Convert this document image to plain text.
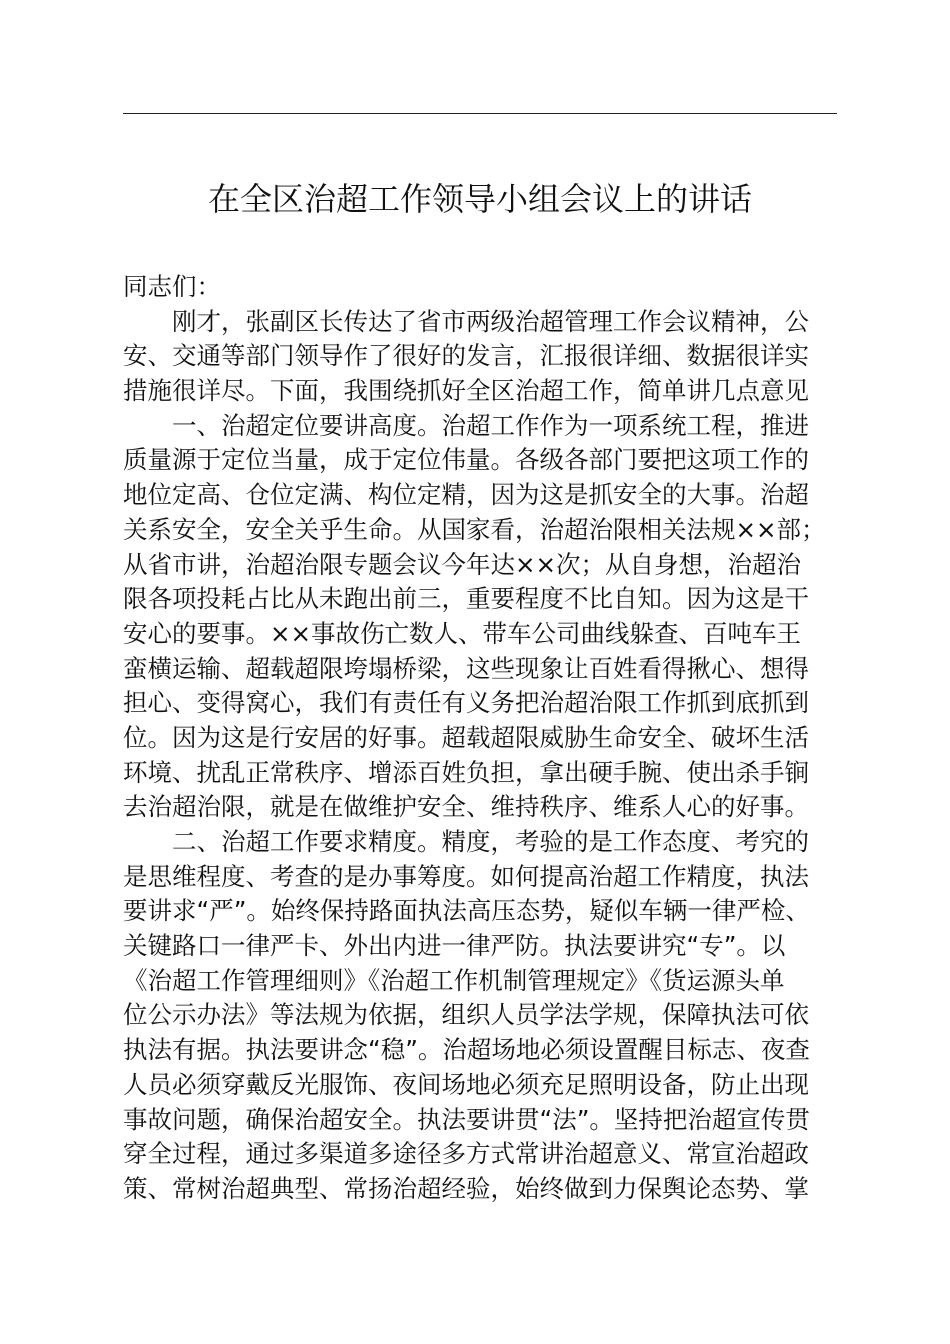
在全区治超工作领导小组会议上的讲话
同志们：
刚才，张副区长传达了省市两级治超管理工作会议精神，公
安、交通等部门领导作了很好的发言，汇报很详细、数据很详实
措施很详尽。下面，我围绕抓好全区治超工作，简单讲几点意见
一、治超定位要讲高度。治超工作作为一项系统工程，推进
质量源于定位当量，成于定位伟量。各级各部门要把这项工作的
地位定高、仓位定满、构位定精，因为这是抓安全的大事。治超
关系安全，安全关乎生命。从国家看，治超治限相关法规××部；
从省市讲，治超治限专题会议今年达××次；从自身想，治超治
限各项投耗占比从未跑出前三，重要程度不比自知。因为这是干
安心的要事。××事故伤亡数人、带车公司曲线躲查、百吨车王
蛮横运输、超载超限垮塌桥梁，这些现象让百姓看得揪心、想得
担心、变得窝心，我们有责任有义务把治超治限工作抓到底抓到
位。因为这是行安居的好事。超载超限威胁生命安全、破坏生活
环境、扰乱正常秩序、增添百姓负担，拿出硬手腕、使出杀手锏
去治超治限，就是在做维护安全、维持秩序、维系人心的好事。
二、治超工作要求精度。精度，考验的是工作态度、考究的
是思维程度、考查的是办事筹度。如何提高治超工作精度，执法
要讲求“严”。始终保持路面执法高压态势，疑似车辆一律严检、
关键路口一律严卡、外出内进一律严防。执法要讲究“专”。以
《治超工作管理细则》《治超工作机制管理规定》《货运源头单
位公示办法》等法规为依据，组织人员学法学规，保障执法可依
执法有据。执法要讲念“稳”。治超场地必须设置醒目标志、夜查
人员必须穿戴反光服饰、夜间场地必须充足照明设备，防止出现
事故问题，确保治超安全。执法要讲贯“法”。坚持把治超宣传贯
穿全过程，通过多渠道多途径多方式常讲治超意义、常宣治超政
策、常树治超典型、常扬治超经验，始终做到力保舆论态势、掌
